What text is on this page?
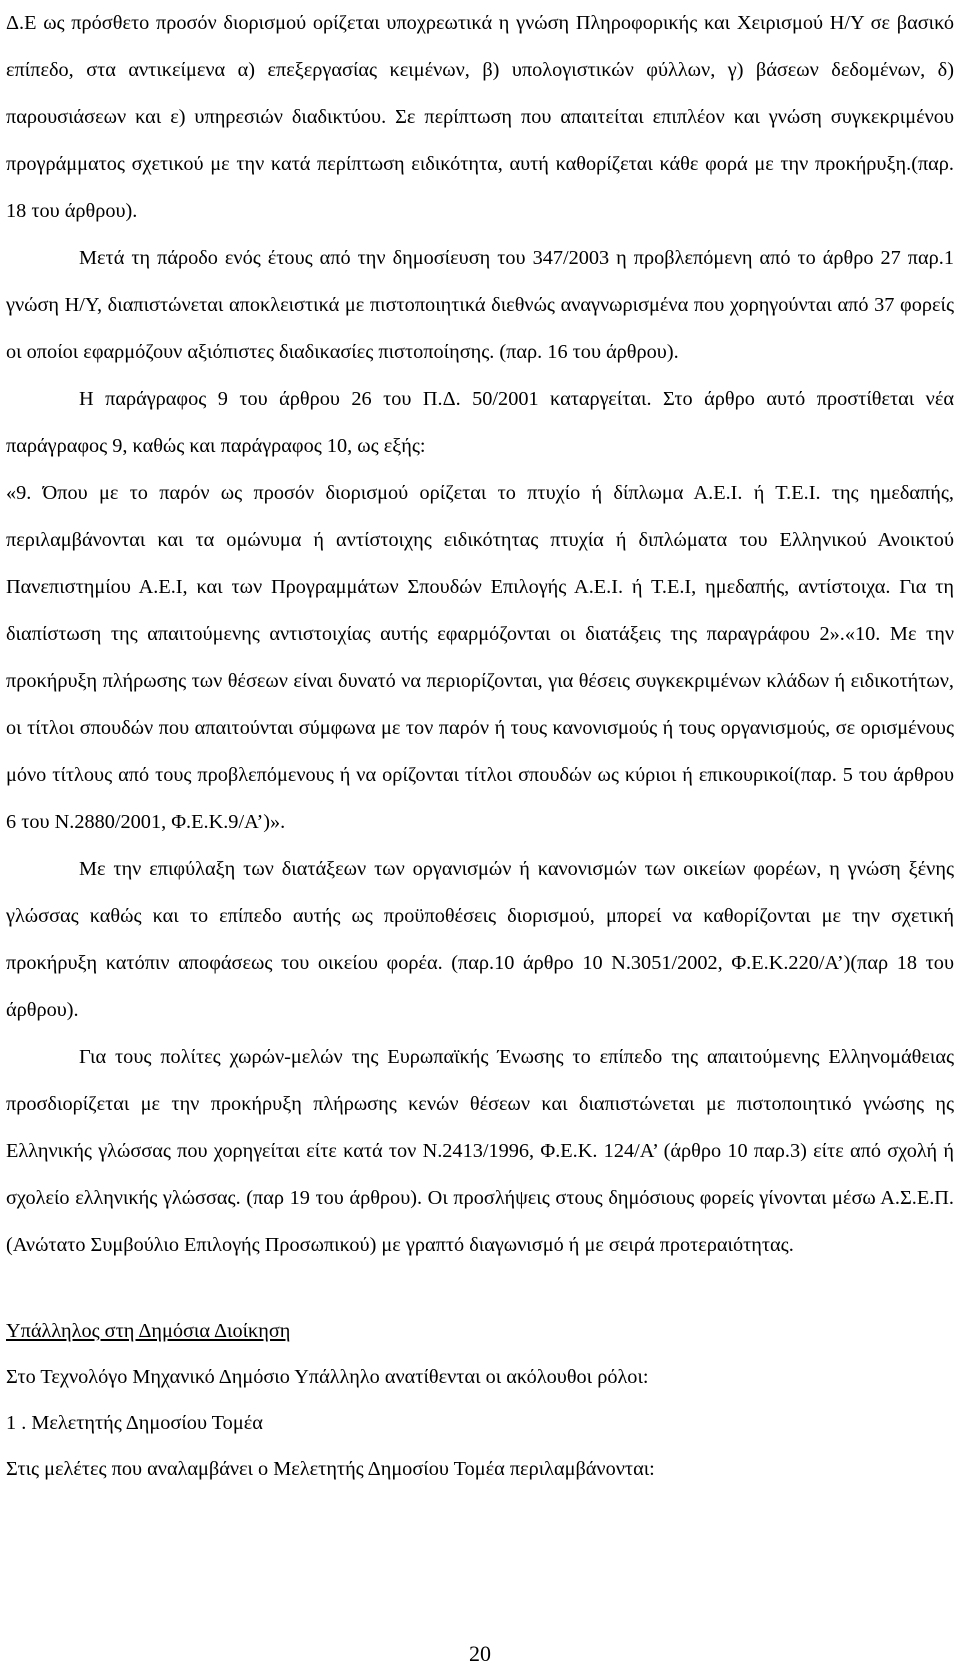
Δ.Ε ως πρόσθετο προσόν διορισμού ορίζεται υποχρεωτικά η γνώση Πληροφορικής και Χειρισμού Η/Υ σε βασικό επίπεδο, στα αντικείμενα α) επεξεργασίας κειμένων, β) υπολογιστικών φύλλων, γ) βάσεων δεδομένων, δ) παρουσιάσεων και ε) υπηρεσιών διαδικτύου. Σε περίπτωση που απαιτείται επιπλέον και γνώση συγκεκριμένου προγράμματος σχετικού με την κατά περίπτωση ειδικότητα, αυτή καθορίζεται κάθε φορά με την προκήρυξη.(παρ. 18 του άρθρου).

Μετά τη πάροδο ενός έτους από την δημοσίευση του 347/2003 η προβλεπόμενη από το άρθρο 27 παρ.1 γνώση Η/Υ, διαπιστώνεται αποκλειστικά με πιστοποιητικά διεθνώς αναγνωρισμένα που χορηγούνται από 37 φορείς οι οποίοι εφαρμόζουν αξιόπιστες διαδικασίες πιστοποίησης. (παρ. 16 του άρθρου).

Η παράγραφος 9 του άρθρου 26 του Π.Δ. 50/2001 καταργείται. Στο άρθρο αυτό προστίθεται νέα παράγραφος 9, καθώς και παράγραφος 10, ως εξής:

«9. Όπου με το παρόν ως προσόν διορισμού ορίζεται το πτυχίο ή δίπλωμα Α.Ε.Ι. ή Τ.Ε.Ι. της ημεδαπής, περιλαμβάνονται και τα ομώνυμα ή αντίστοιχης ειδικότητας πτυχία ή διπλώματα του Ελληνικού Ανοικτού Πανεπιστημίου Α.Ε.Ι, και των Προγραμμάτων Σπουδών Επιλογής Α.Ε.Ι. ή Τ.Ε.Ι, ημεδαπής, αντίστοιχα. Για τη διαπίστωση της απαιτούμενης αντιστοιχίας αυτής εφαρμόζονται οι διατάξεις της παραγράφου 2».«10. Με την προκήρυξη πλήρωσης των θέσεων είναι δυνατό να περιορίζονται, για θέσεις συγκεκριμένων κλάδων ή ειδικοτήτων, οι τίτλοι σπουδών που απαιτούνται σύμφωνα με τον παρόν ή τους κανονισμούς ή τους οργανισμούς, σε ορισμένους μόνο τίτλους από τους προβλεπόμενους ή να ορίζονται τίτλοι σπουδών ως κύριοι ή επικουρικοί(παρ. 5 του άρθρου 6 του Ν.2880/2001, Φ.Ε.Κ.9/Α’)».

Με την επιφύλαξη των διατάξεων των οργανισμών ή κανονισμών των οικείων φορέων, η γνώση ξένης γλώσσας καθώς και το επίπεδο αυτής ως προϋποθέσεις διορισμού, μπορεί να καθορίζονται με την σχετική προκήρυξη κατόπιν αποφάσεως του οικείου φορέα. (παρ.10 άρθρο 10 Ν.3051/2002, Φ.Ε.Κ.220/Α’)(παρ 18 του άρθρου).

Για τους πολίτες χωρών-μελών της Ευρωπαϊκής Ένωσης το επίπεδο της απαιτούμενης Ελληνομάθειας προσδιορίζεται με την προκήρυξη πλήρωσης κενών θέσεων και διαπιστώνεται με πιστοποιητικό γνώσης ης Ελληνικής γλώσσας που χορηγείται είτε κατά τον Ν.2413/1996, Φ.Ε.Κ. 124/Α’ (άρθρο 10 παρ.3) είτε από σχολή ή σχολείο ελληνικής γλώσσας. (παρ 19 του άρθρου). Οι προσλήψεις στους δημόσιους φορείς γίνονται μέσω Α.Σ.Ε.Π. (Ανώτατο Συμβούλιο Επιλογής Προσωπικού) με γραπτό διαγωνισμό ή με σειρά προτεραιότητας.

Υπάλληλος στη Δημόσια Διοίκηση

Στο Τεχνολόγο Μηχανικό Δημόσιο Υπάλληλο ανατίθενται οι ακόλουθοι ρόλοι:

1 . Μελετητής Δημοσίου Τομέα

Στις μελέτες που αναλαμβάνει ο Μελετητής Δημοσίου Τομέα περιλαμβάνονται:

20
